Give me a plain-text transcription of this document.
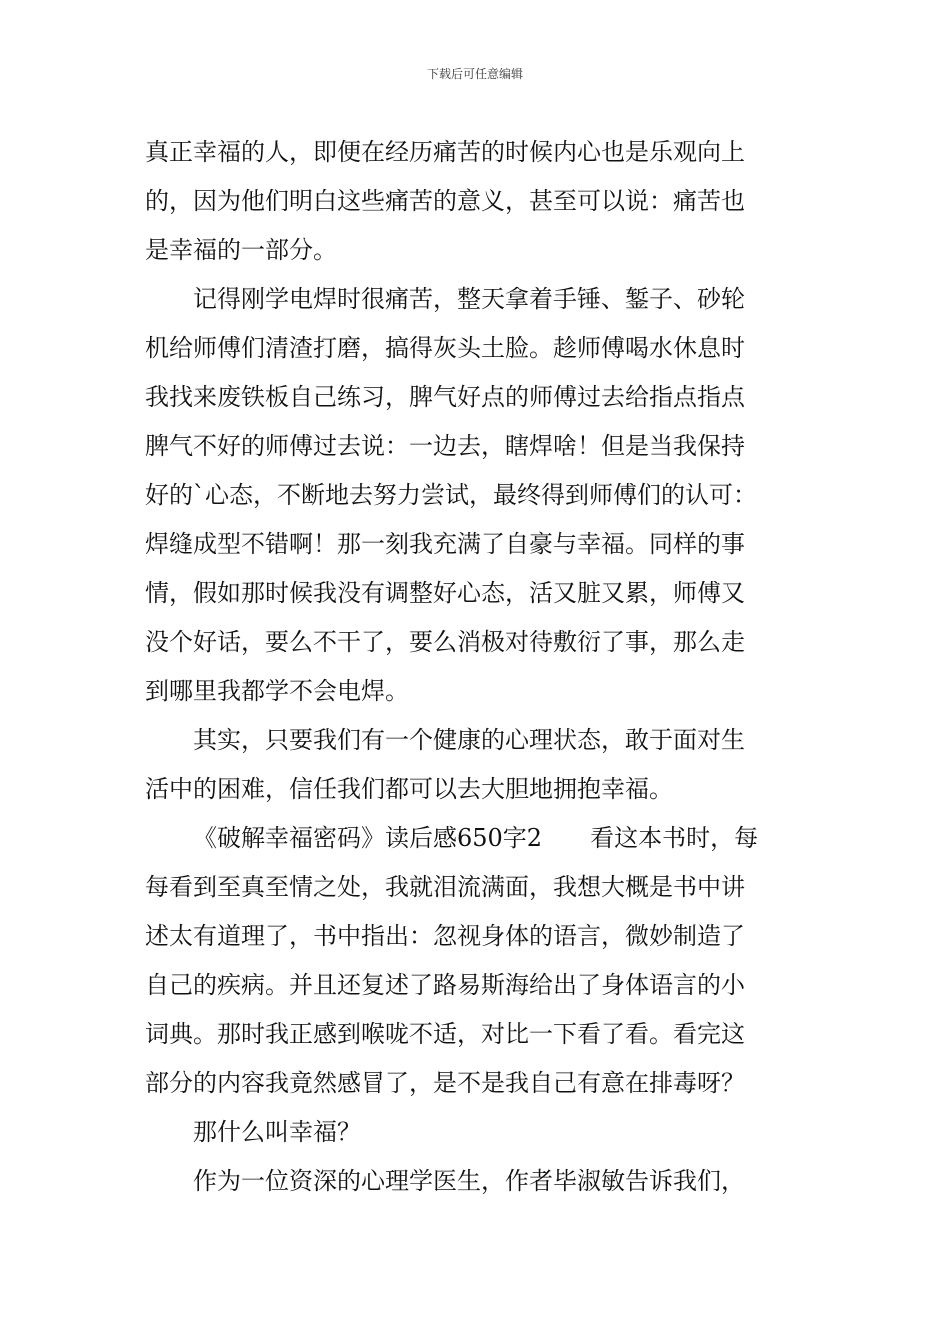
下载后可任意编辑

真正幸福的人，即便在经历痛苦的时候内心也是乐观向上
的，因为他们明白这些痛苦的意义，甚至可以说：痛苦也
是幸福的一部分。

记得刚学电焊时很痛苦，整天拿着手锤、錾子、砂轮
机给师傅们清渣打磨，搞得灰头土脸。趁师傅喝水休息时
我找来废铁板自己练习，脾气好点的师傅过去给指点指点
脾气不好的师傅过去说：一边去，瞎焊啥！但是当我保持
好的`心态，不断地去努力尝试，最终得到师傅们的认可：
焊缝成型不错啊！那一刻我充满了自豪与幸福。同样的事
情，假如那时候我没有调整好心态，活又脏又累，师傅又
没个好话，要么不干了，要么消极对待敷衍了事，那么走
到哪里我都学不会电焊。

其实，只要我们有一个健康的心理状态，敢于面对生
活中的困难，信任我们都可以去大胆地拥抱幸福。

《破解幸福密码》读后感650字2　　看这本书时，每
每看到至真至情之处，我就泪流满面，我想大概是书中讲
述太有道理了，书中指出：忽视身体的语言，微妙制造了
自己的疾病。并且还复述了路易斯海给出了身体语言的小
词典。那时我正感到喉咙不适，对比一下看了看。看完这
部分的内容我竟然感冒了，是不是我自己有意在排毒呀？

那什么叫幸福？

作为一位资深的心理学医生，作者毕淑敏告诉我们，
